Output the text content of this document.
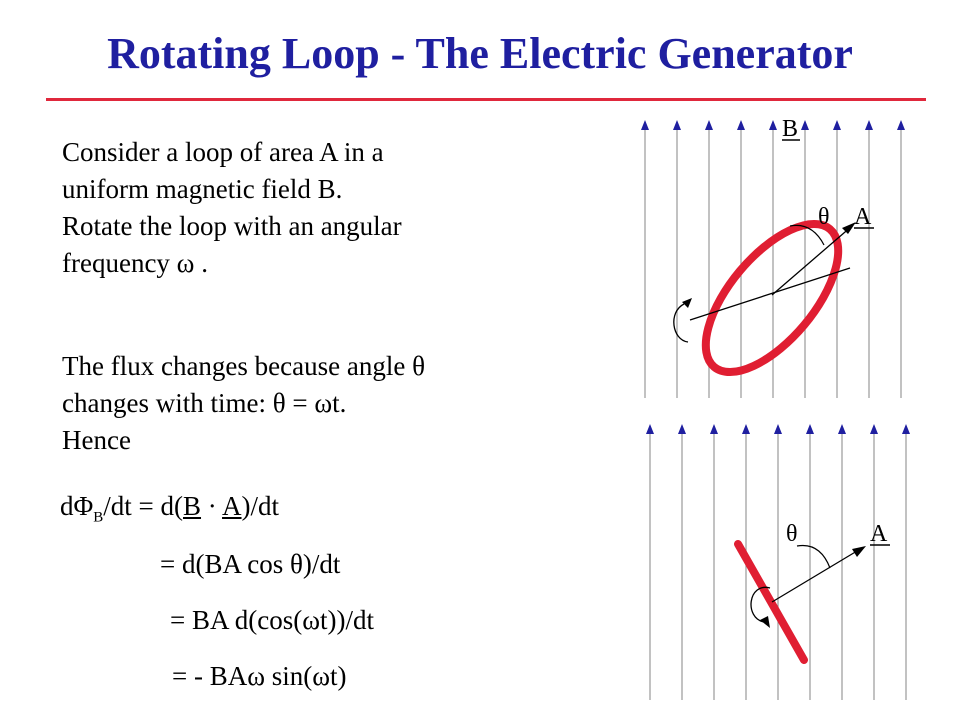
Rotating Loop - The Electric Generator
Consider a loop of area A in a
uniform magnetic field B.
Rotate the loop with an angular
frequency ω .
The flux changes because angle θ
changes with time: θ = ωt.
Hence
$d\Phi_B/dt = d(B \cdot A)/dt$
= d(BA cos θ)/dt
= BA d(cos(ωt))/dt
= - BAω sin(ωt)
B
θ A
θ	A
